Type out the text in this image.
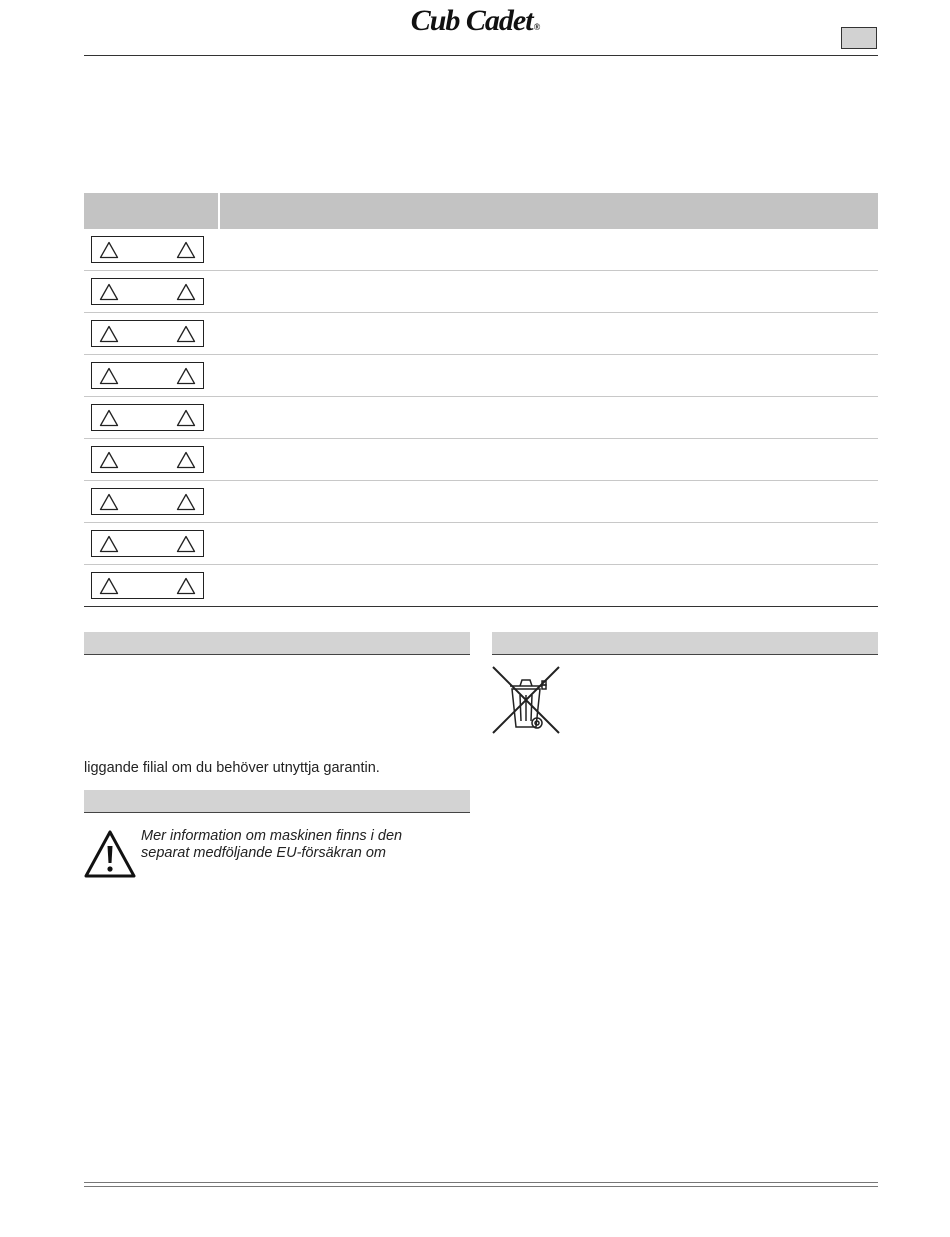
Cub Cadet®

liggande filial om du behöver utnyttja garantin.
Mer information om maskinen finns i den
separat medföljande EU-försäkran om
